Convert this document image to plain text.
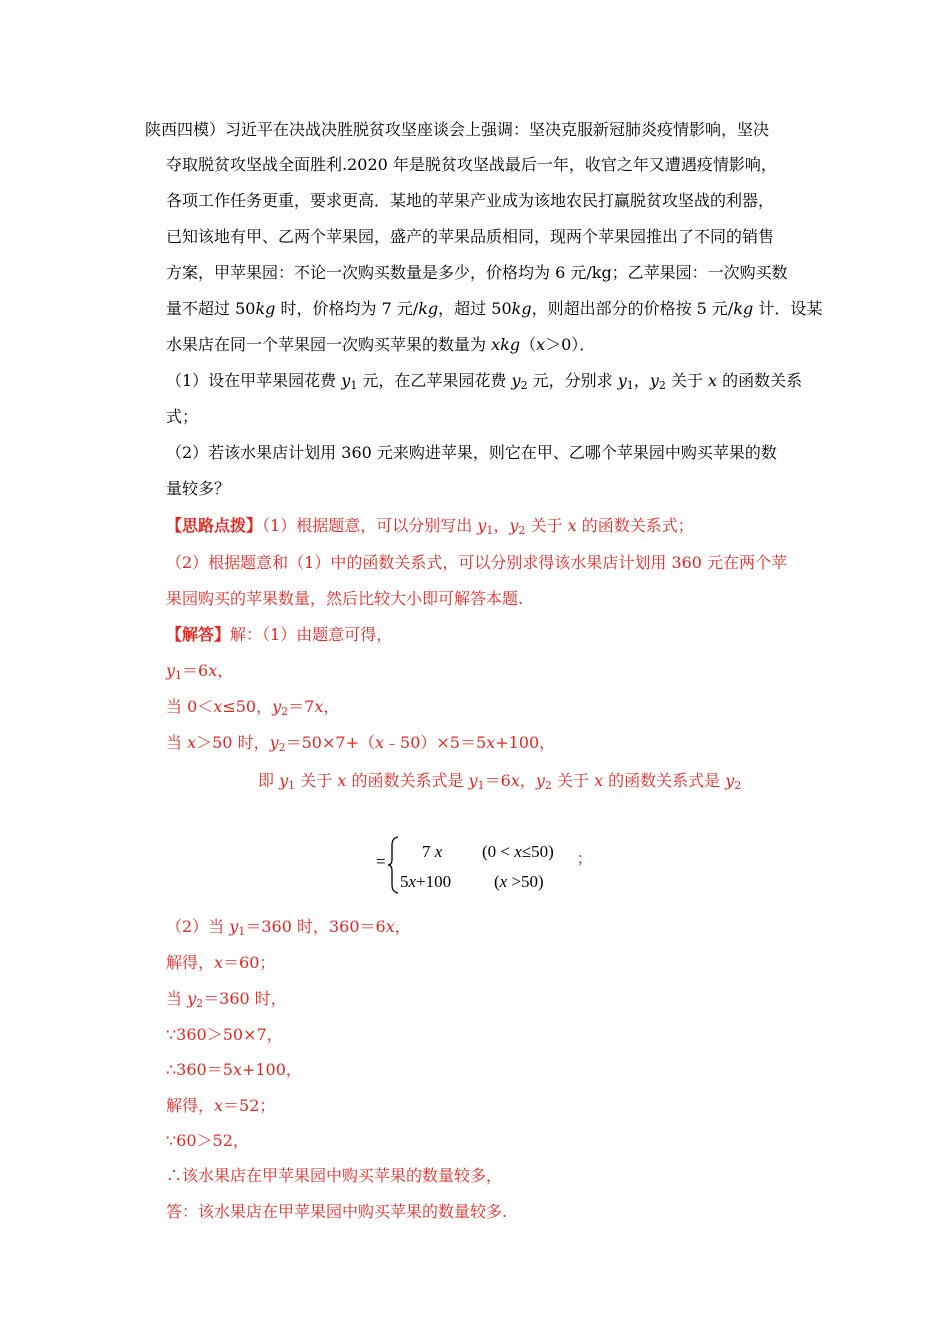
陕西四模）习近平在决战决胜脱贫攻坚座谈会上强调：坚决克服新冠肺炎疫情影响，坚决
夺取脱贫攻坚战全面胜利.2020 年是脱贫攻坚战最后一年，收官之年又遭遇疫情影响，
各项工作任务更重，要求更高．某地的苹果产业成为该地农民打赢脱贫攻坚战的利器，
已知该地有甲、乙两个苹果园，盛产的苹果品质相同，现两个苹果园推出了不同的销售
方案，甲苹果园：不论一次购买数量是多少，价格均为 6 元/kg；乙苹果园：一次购买数
量不超过 50kg 时，价格均为 7 元/kg，超过 50kg，则超出部分的价格按 5 元/kg 计．设某
水果店在同一个苹果园一次购买苹果的数量为 xkg（x＞0）．
（1）设在甲苹果园花费 $y_1$ 元，在乙苹果园花费 $y_2$ 元，分别求 $y_1$，$y_2$ 关于 x 的函数关系
式；
（2）若该水果店计划用 360 元来购进苹果，则它在甲、乙哪个苹果园中购买苹果的数
量较多？
【思路点拨】（1）根据题意，可以分别写出 $y_1$，$y_2$ 关于 x 的函数关系式；
（2）根据题意和（1）中的函数关系式，可以分别求得该水果店计划用 360 元在两个苹
果园购买的苹果数量，然后比较大小即可解答本题.
【解答】解：（1）由题意可得，
$y_1=6x$，
当 0＜x≤50，$y_2=7x$，
当 x＞50 时，$y_2=50\times 7+(x﹣50)\times 5=5x+100$，
即 $y_1$ 关于 x 的函数关系式是 $y_1=6x$，$y_2$ 关于 x 的函数关系式是 $y_2$
=
7 x (0 < x≤50)
5x+100	(x >50)
;
（2）当 $y_1=360$ 时，360＝6x，
解得，x＝60；
当 $y_2=360$ 时，
∵360＞50×7，
∴360＝5x+100，
解得，x＝52；
∵60＞52，
∴该水果店在甲苹果园中购买苹果的数量较多，
答：该水果店在甲苹果园中购买苹果的数量较多.
